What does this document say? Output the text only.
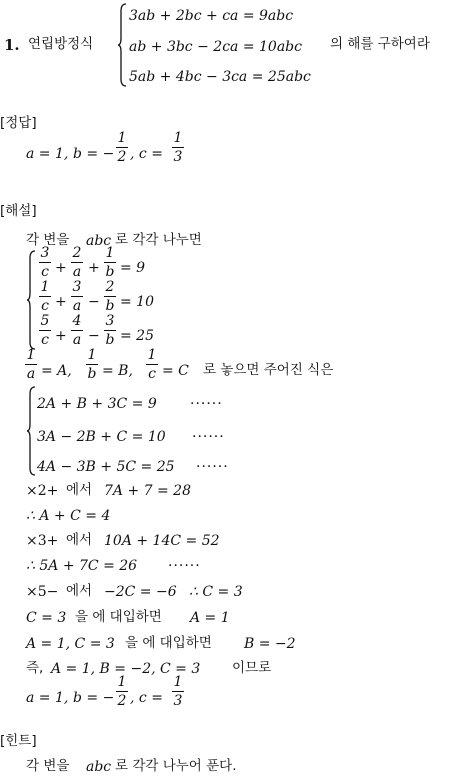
1. 연립방정식
3ab + 2bc + ca = 9abc
ab + 3bc − 2ca = 10abc
5ab + 4bc − 3ca = 25abc
의 해를 구하여라
[정답]
a = 1, b = −
1
2 , c =
1
3
[해설]
각 변을 abc 로 각각 나누면
3
c +
2
a +
1
b = 9
1
c +
3
a −
2
b = 10
5
c +
4
a −
3
b = 25
1
a = A,
1
b = B,
1
c = C 로 놓으면 주어진 식은
2A + B + 3C = 9 ······
3A − 2B + C = 10 ······
4A − 3B + 5C = 25 ······
×2+ 에서 7A + 7 = 28
∴ A + C = 4
×3+ 에서 10A + 14C = 52
∴ 5A + 7C = 26 ······
×5− 에서 −2C = −6 ∴ C = 3
C = 3 을 에 대입하면 A = 1
A = 1, C = 3 을 에 대입하면 B = −2
즉, A = 1, B = −2, C = 3 이므로
a = 1, b = −
1
2 , c =
1
3
[힌트]
각 변을 abc 로 각각 나누어 푼다.
